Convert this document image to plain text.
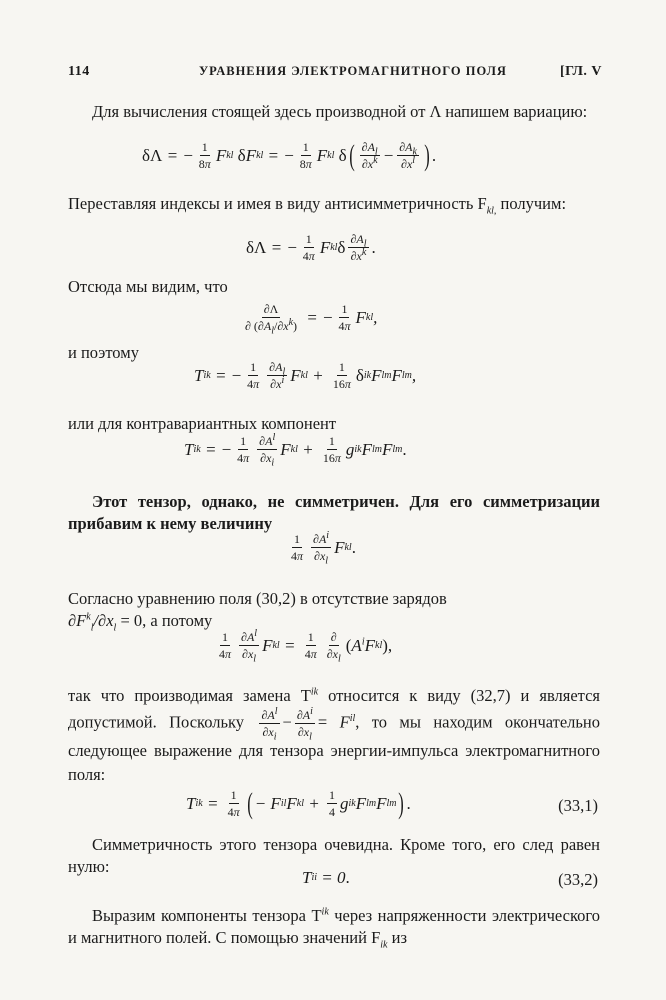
114	УРАВНЕНИЯ ЭЛЕКТРОМАГНИТНОГО ПОЛЯ	[ГЛ. V
Для вычисления стоящей здесь производной от Λ напишем вариацию:
δΛ = − $\frac{1}{8\pi}$ F kl
δ F kl = − $\frac{1}{8\pi}$ F kl
δ ( $\frac{\partial A_l}{\partial x^k} - \frac{\partial A_k}{\partial x^l}$ ) .
Переставляя индексы и имея в виду антисимметричность $F_{kl,}$ получим:
δΛ = − $\frac{1}{4\pi}$ F kl δ $\frac{\partial A_l}{\partial x^k}$ .
Отсюда мы видим, что
$\frac{\partial\Lambda}{\partial (\partial A_l/\partial x^k)}$ = − $\frac{1}{4\pi}$ F kl ,
и поэтому
T i k = − $\frac{1}{4\pi} \frac{\partial A_l}{\partial x^i}$ F kl + $\frac{1}{16\pi}$ δ i k F lm F lm ,
или для контравариантных компонент
T ik = − $\frac{1}{4\pi} \frac{\partial A^l}{\partial x_i}$ F k $l + \frac{1}{16\pi}$ g ik F lm F lm .
Этот тензор, однако, не симметричен. Для его симметризации прибавим к нему величину
$\frac{1}{4\pi} \frac{\partial A^i}{\partial x_l}$ F k l .
Согласно уравнению поля (30,2) в отсутствие зарядов
$\partial F^k_l/\partial x_l = 0$, а потому
$\frac{1}{4\pi} \frac{\partial A^l}{\partial x_l}$ F k $l = \frac{1}{4\pi} \frac{\partial}{\partial x_l}$ ( $A^iF$ k l ),
так что производимая замена $T^{ik}$ относится к виду (32,7) и является допустимой. Поскольку $\frac{\partial A^l}{\partial x_i} - \frac{\partial A^i}{\partial x_l} = F^{il}$, то мы находим окончательно следующее выражение для тензора энергии-импульса электромагнитного поля:
T ik = $\frac{1}{4\pi}$ ( − F il F k $l + \frac{1}{4}$ g ik F lm F lm ) .	(33,1)
Симметричность этого тензора очевидна. Кроме того, его след равен нулю:
T i i = 0 .	(33,2)
Выразим компоненты тензора $T^{ik}$ через напряженности электрического и магнитного полей. С помощью значений $F_{ik}$ из
